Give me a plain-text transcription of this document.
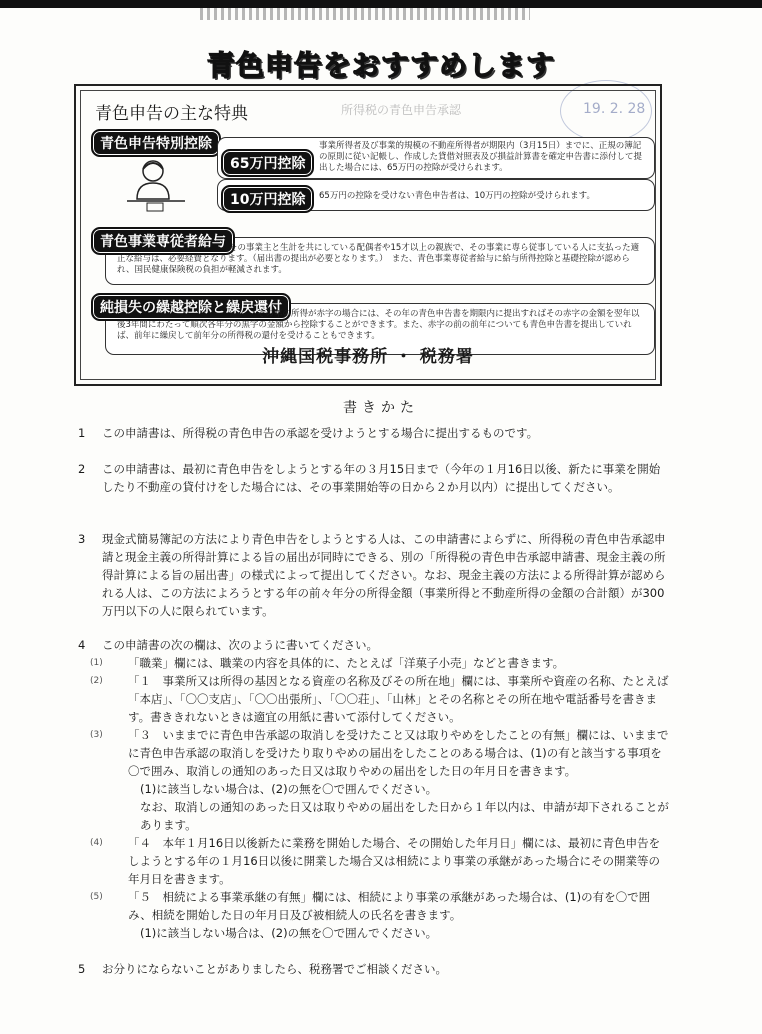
青色申告をおすすめします
19. 2. 28
青色申告の主な特典	所得税の青色申告承認
青色申告特別控除
65万円控除
事業所得者及び事業的規模の不動産所得者が期限内（3月15日）までに、正規の簿記の原則に従い記帳し、作成した貸借対照表及び損益計算書を確定申告書に添付して提出した場合には、65万円の控除が受けられます。
10万円控除	65万円の控除を受けない青色申告者は、10万円の控除が受けられます。
青色事業専従者給与 その事業主と生計を共にしている配偶者や15才以上の親族で、その事業に専ら従事している人に支払った適正な給与は、必要経費となります。（届出書の提出が必要となります。）　また、青色事業専従者給与に給与所得控除と基礎控除が認められ、国民健康保険税の負担が軽減されます。
純損失の繰越控除と繰戻還付
その年の所得が赤字の場合には、その年の青色申告書を期限内に提出すればその赤字の金額を翌年以後3年間にわたって順次各年分の黒字の金額から控除することができます。また、赤字の前の前年についても青色申告書を提出していれば、前年に繰戻して前年分の所得税の還付を受けることもできます。
沖縄国税事務所 ・ 税務署
書きかた
1 この申請書は、所得税の青色申告の承認を受けようとする場合に提出するものです。
2 この申請書は、最初に青色申告をしようとする年の３月15日まで（今年の１月16日以後、新たに事業を開始したり不動産の貸付けをした場合には、その事業開始等の日から２か月以内）に提出してください。
3 現金式簡易簿記の方法により青色申告をしようとする人は、この申請書によらずに、所得税の青色申告承認申請と現金主義の所得計算による旨の届出が同時にできる、別の「所得税の青色申告承認申請書、現金主義の所得計算による旨の届出書」の様式によって提出してください。なお、現金主義の方法による所得計算が認められる人は、この方法によろうとする年の前々年分の所得金額（事業所得と不動産所得の金額の合計額）が300万円以下の人に限られています。
4 この申請書の次の欄は、次のように書いてください。
(1) 「職業」欄には、職業の内容を具体的に、たとえば「洋菓子小売」などと書きます。
(2) 「１　事業所又は所得の基因となる資産の名称及びその所在地」欄には、事業所や資産の名称、たとえば「本店」、「〇〇支店」、「〇〇出張所」、「〇〇荘」、「山林」とその名称とその所在地や電話番号を書きます。書ききれないときは適宜の用紙に書いて添付してください。
(3) 「３　いままでに青色申告承認の取消しを受けたこと又は取りやめをしたことの有無」欄には、いままでに青色申告承認の取消しを受けたり取りやめの届出をしたことのある場合は、(1)の有と該当する事項を〇で囲み、取消しの通知のあった日又は取りやめの届出をした日の年月日を書きます。
(1)に該当しない場合は、(2)の無を〇で囲んでください。
なお、取消しの通知のあった日又は取りやめの届出をした日から１年以内は、申請が却下されることがあります。
(4) 「４　本年１月16日以後新たに業務を開始した場合、その開始した年月日」欄には、最初に青色申告をしようとする年の１月16日以後に開業した場合又は相続により事業の承継があった場合にその開業等の年月日を書きます。
(5) 「５　相続による事業承継の有無」欄には、相続により事業の承継があった場合は、(1)の有を〇で囲み、相続を開始した日の年月日及び被相続人の氏名を書きます。
(1)に該当しない場合は、(2)の無を〇で囲んでください。
5 お分りにならないことがありましたら、税務署でご相談ください。
